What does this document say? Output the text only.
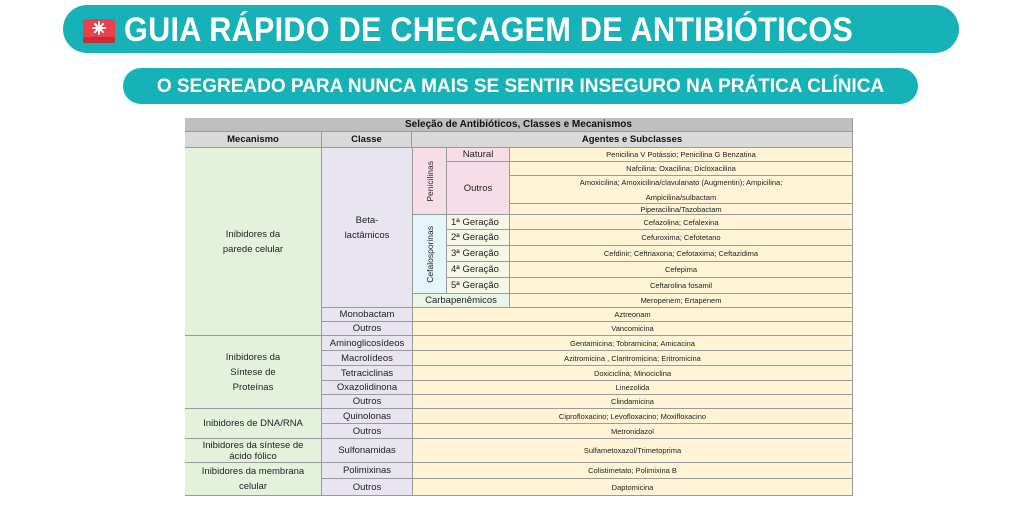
GUIA RÁPIDO DE CHECAGEM DE ANTIBIÓTICOS
O SEGREADO PARA NUNCA MAIS SE SENTIR INSEGURO NA PRÁTICA CLÍNICA
Seleção de Antibióticos, Classes e Mecanismos
Mecanismo	Classe	Agentes e Subclasses
Inibidores da parede celular
Inibidores da Síntese de Proteínas
Inibidores de DNA/RNA
Inibidores da síntese de ácido fólico
Inibidores da membrana celular
Beta-lactâmicos
Monobactam
Outros
Aminoglicosídeos
Macrolídeos
Tetraciclinas
Oxazolidinona
Outros
Quinolonas
Outros
Sulfonamidas
Polimixinas
Outros
Penicilinas
Natural
Outros
Cefalosporinas
1ª Geração
2ª Geração
3ª Geração
4ª Geração
5ª Geração
Carbapenêmicos
Penicilina V Potássio; Penicilina G Benzatina
Nafcilina; Oxacilina; Dicloxacilina
Amoxicilina; Amoxicilina/clavulanato (Augmentin); Ampicilina; Ampicilina/sulbactam
Piperacilina/Tazobactam
Cefazolina; Cefalexina
Cefuroxima; Cefotetano
Cefdinir; Ceftriaxona; Cefotaxima; Ceftazidima
Cefepima
Ceftarolina fosamil
Meropenem; Ertapenem
Aztreonam
Vancomicina
Gentamicina; Tobramicina; Amicacina
Azitromicina , Claritromicina; Eritromicina
Doxiciclina; Minociclina
Linezolida
Clindamicina
Ciprofloxacino; Levofloxacino; Moxifloxacino
Metronidazol
Sulfametoxazol/Trimetoprima
Colistimetato; Polimixina B
Daptomicina
